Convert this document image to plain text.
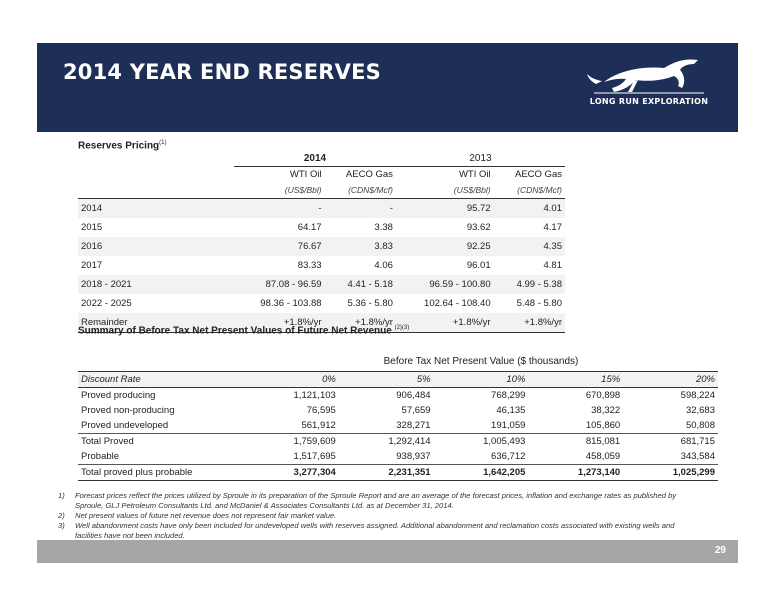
2014 YEAR END RESERVES
LONG RUN EXPLORATION
Reserves Pricing$^{(1)}$
	2014		2013	
	WTI Oil	AECO Gas	WTI Oil	AECO Gas
	(US$/Bbl)	(CDN$/Mcf)	(US$/Bbl)	(CDN$/Mcf)
2014	-	-	95.72	4.01
2015	64.17	3.38	93.62	4.17
2016	76.67	3.83	92.25	4.35
2017	83.33	4.06	96.01	4.81
2018 - 2021	87.08 - 96.59	4.41 - 5.18	96.59 - 100.80	4.99 - 5.38
2022 - 2025	98.36 - 103.88	5.36 - 5.80	102.64 - 108.40	5.48 - 5.80
Remainder	+1.8%/yr	+1.8%/yr	+1.8%/yr	+1.8%/yr
Summary of Before Tax Net Present Values of Future Net Revenue $^{(2)(3)}$
	Before Tax Net Present Value ($ thousands)				
Discount Rate	0%	5%	10%	15%	20%
Proved producing	1,121,103	906,484	768,299	670,898	598,224
Proved non-producing	76,595	57,659	46,135	38,322	32,683
Proved undeveloped	561,912	328,271	191,059	105,860	50,808
Total Proved	1,759,609	1,292,414	1,005,493	815,081	681,715
Probable	1,517,695	938,937	636,712	458,059	343,584
Total proved plus probable	3,277,304	2,231,351	1,642,205	1,273,140	1,025,299
1)	Forecast prices reflect the prices utilized by Sproule in its preparation of the Sproule Report and are an average of the forecast prices, inflation and exchange rates as published by Sproule, GLJ Petroleum Consultants Ltd. and McDaniel & Associates Consultants Ltd. as at December 31, 2014.
2)	Net present values of future net revenue does not represent fair market value.
3)	Well abandonment costs have only been included for undeveloped wells with reserves assigned. Additional abandonment and reclamation costs associated with existing wells and facilities have not been included.
29
